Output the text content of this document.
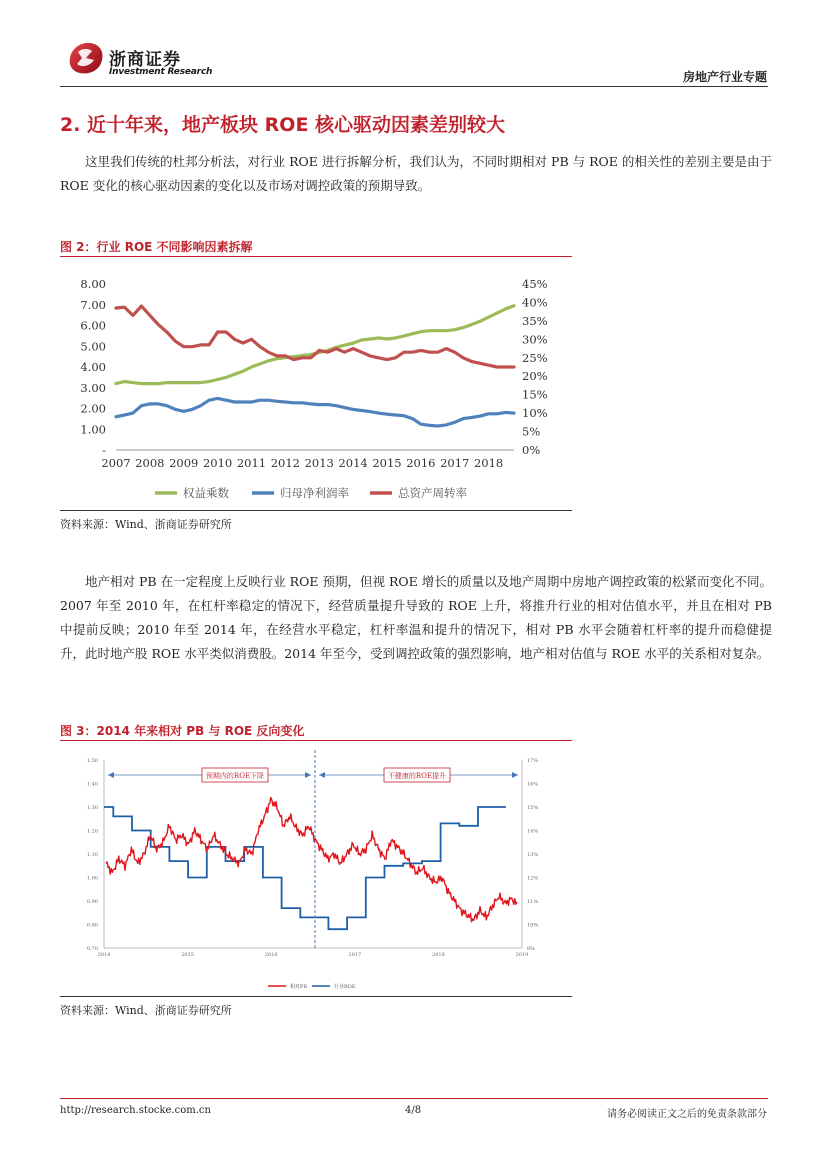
浙商证券
Investment Research	房地产行业专题
2. 近十年来，地产板块 ROE 核心驱动因素差别较大

这里我们传统的杜邦分析法，对行业 ROE 进行拆解分析，我们认为，不同时期相对 PB 与 ROE 的相关性的差别主要是由于 ROE 变化的核心驱动因素的变化以及市场对调控政策的预期导致。

图 2：行业 ROE 不同影响因素拆解
-
1.00
2.00
3.00
4.00
5.00
6.00
7.00
8.00
0%
5%
10%
15%
20%
25%
30%
35%
40%
45%
2007 2008 2009 2010 2011 2012 2013 2014 2015 2016 2017 2018
权益乘数	归母净利润率	总资产周转率
资料来源：Wind、浙商证券研究所

地产相对 PB 在一定程度上反映行业 ROE 预期，但视 ROE 增长的质量以及地产周期中房地产调控政策的松紧而变化不同。2007 年至 2010 年，在杠杆率稳定的情况下，经营质量提升导致的 ROE 上升，将推升行业的相对估值水平，并且在相对 PB 中提前反映；2010 年至 2014 年，在经营水平稳定，杠杆率温和提升的情况下，相对 PB 水平会随着杠杆率的提升而稳健提升，此时地产股 ROE 水平类似消费股。2014 年至今，受到调控政策的强烈影响，地产相对估值与 ROE 水平的关系相对复杂。

图 3：2014 年来相对 PB 与 ROE 反向变化
0.70
0.80
0.90
1.00
1.10
1.20
1.30
1.40
1.50
8%
10%
11%
12%
13%
14%
15%
16%
17%
2014	2015	2016	2017	2018	2019
预期内的ROE下降	不健康的ROE提升
相对PB	行业ROE
资料来源：Wind、浙商证券研究所
http://research.stocke.com.cn	4/8	请务必阅读正文之后的免责条款部分
